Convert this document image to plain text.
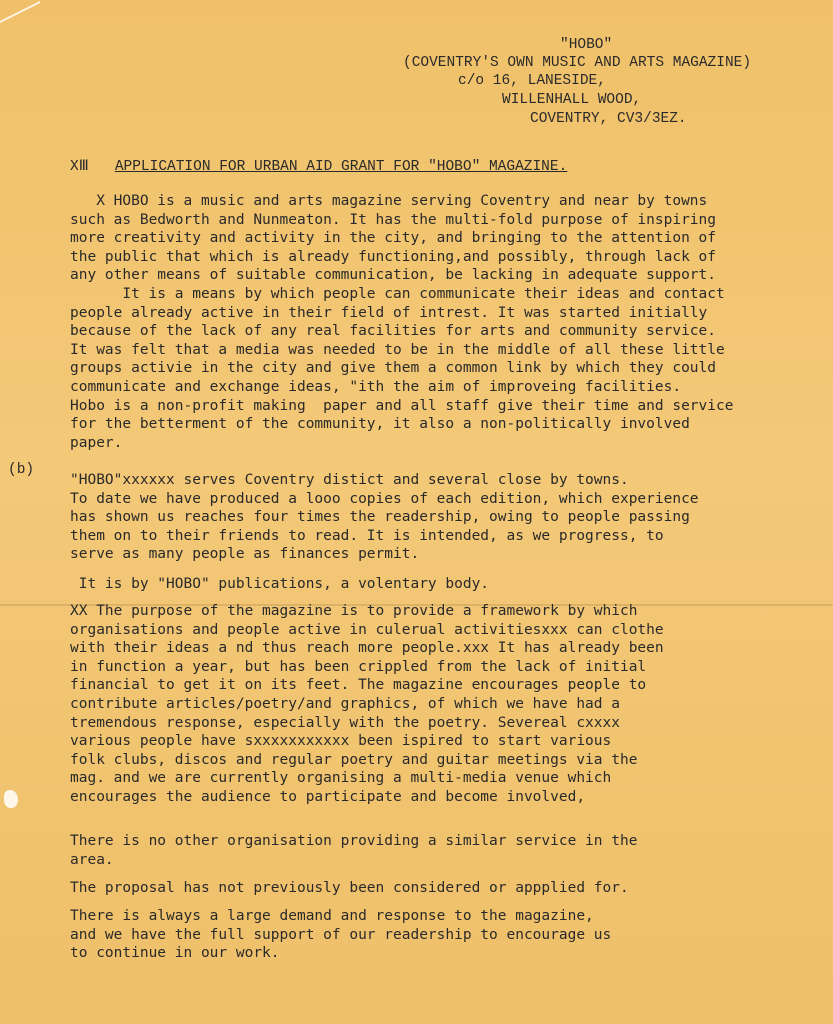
"HOBO"
(COVENTRY'S OWN MUSIC AND ARTS MAGAZINE)
c/o 16, LANESIDE,
WILLENHALL WOOD,
COVENTRY, CV3/3EZ.
XⅢ APPLICATION FOR URBAN AID GRANT FOR "HOBO" MAGAZINE.
(b)
X HOBO is a music and arts magazine serving Coventry and near by towns
such as Bedworth and Nunmeaton. It has the multi-fold purpose of inspiring
more creativity and activity in the city, and bringing to the attention of
the public that which is already functioning,and possibly, through lack of
any other means of suitable communication, be lacking in adequate support.
It is a means by which people can communicate their ideas and contact
people already active in their field of intrest. It was started initially
because of the lack of any real facilities for arts and community service.
It was felt that a media was needed to be in the middle of all these little
groups activie in the city and give them a common link by which they could
communicate and exchange ideas, "ith the aim of improveing facilities.
Hobo is a non-profit making  paper and all staff give their time and service
for the betterment of the community, it also a non-politically involved
paper.
"HOBO"xxxxxx serves Coventry distict and several close by towns.
To date we have produced a looo copies of each edition, which experience
has shown us reaches four times the readership, owing to people passing
them on to their friends to read. It is intended, as we progress, to
serve as many people as finances permit.
It is by "HOBO" publications, a volentary body.
XX The purpose of the magazine is to provide a framework by which
organisations and people active in culerual activitiesxxx can clothe
with their ideas a nd thus reach more people.xxx It has already been
in function a year, but has been crippled from the lack of initial
financial to get it on its feet. The magazine encourages people to
contribute articles/poetry/and graphics, of which we have had a
tremendous response, especially with the poetry. Severeal cxxxx
various people have sxxxxxxxxxxx been ispired to start various
folk clubs, discos and regular poetry and guitar meetings via the
mag. and we are currently organising a multi-media venue which
encourages the audience to participate and become involved,
There is no other organisation providing a similar service in the
area.
The proposal has not previously been considered or appplied for.
There is always a large demand and response to the magazine,
and we have the full support of our readership to encourage us
to continue in our work.
